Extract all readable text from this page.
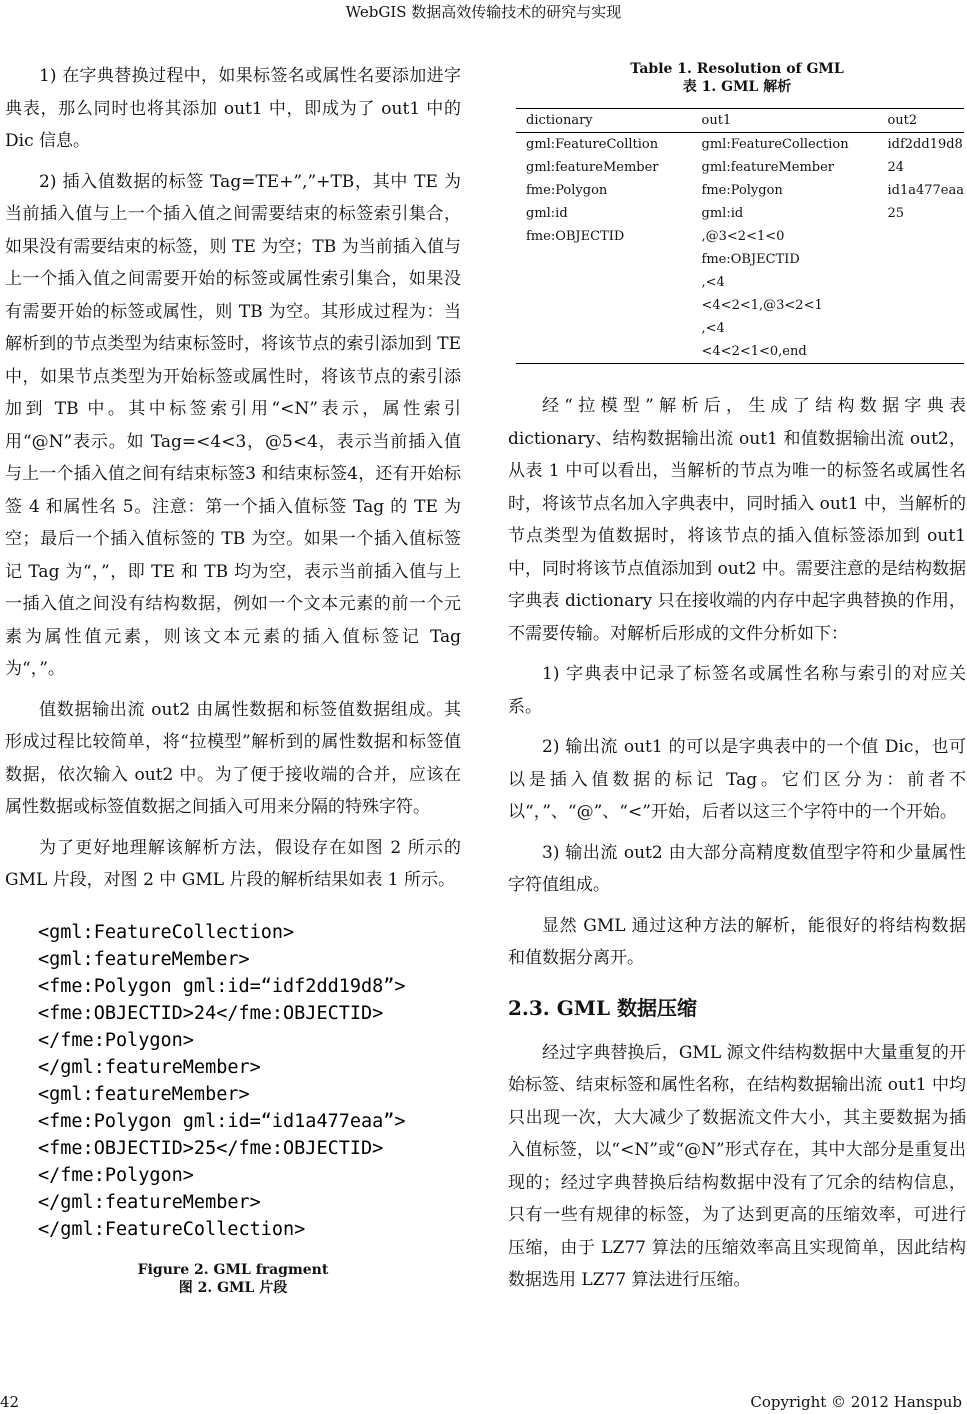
WebGIS 数据高效传输技术的研究与实现

1) 在字典替换过程中，如果标签名或属性名要添加进字典表，那么同时也将其添加 out1 中，即成为了 out1 中的 Dic 信息。

2) 插入值数据的标签 Tag=TE+”,”+TB，其中 TE 为当前插入值与上一个插入值之间需要结束的标签索引集合，如果没有需要结束的标签，则 TE 为空；TB 为当前插入值与上一个插入值之间需要开始的标签或属性索引集合，如果没有需要开始的标签或属性，则 TB 为空。其形成过程为：当解析到的节点类型为结束标签时，将该节点的索引添加到 TE 中，如果节点类型为开始标签或属性时，将该节点的索引添加到 TB 中。其中标签索引用“<N”表示，属性索引用“@N”表示。如 Tag=<4<3，@5<4，表示当前插入值与上一个插入值之间有结束标签3 和结束标签4，还有开始标签 4 和属性名 5。注意：第一个插入值标签 Tag 的 TE 为空；最后一个插入值标签的 TB 为空。如果一个插入值标签记 Tag 为“，”，即 TE 和 TB 均为空，表示当前插入值与上一插入值之间没有结构数据，例如一个文本元素的前一个元素为属性值元素，则该文本元素的插入值标签记 Tag 为“，”。

值数据输出流 out2 由属性数据和标签值数据组成。其形成过程比较简单，将“拉模型”解析到的属性数据和标签值数据，依次输入 out2 中。为了便于接收端的合并，应该在属性数据或标签值数据之间插入可用来分隔的特殊字符。

为了更好地理解该解析方法，假设存在如图 2 所示的 GML 片段，对图 2 中 GML 片段的解析结果如表 1 所示。

<gml:FeatureCollection>
<gml:featureMember>
<fme:Polygon gml:id=“idf2dd19d8”>
<fme:OBJECTID>24</fme:OBJECTID>
</fme:Polygon>
</gml:featureMember>
<gml:featureMember>
<fme:Polygon gml:id=“id1a477eaa”>
<fme:OBJECTID>25</fme:OBJECTID>
</fme:Polygon>
</gml:featureMember>
</gml:FeatureCollection>
Figure 2. GML fragment
图 2. GML 片段
Table 1. Resolution of GML
表 1. GML 解析
dictionary	out1	out2
gml:FeatureColltion	gml:FeatureCollection	idf2dd19d8
gml:featureMember	gml:featureMember	24
fme:Polygon	fme:Polygon	id1a477eaa
gml:id	gml:id	25
fme:OBJECTID	,@3<2<1<0	
	fme:OBJECTID	
	,<4	
	<4<2<1,@3<2<1	
	,<4	
	<4<2<1<0,end	

经“拉模型”解析后，生成了结构数据字典表 dictionary、结构数据输出流 out1 和值数据输出流 out2，从表 1 中可以看出，当解析的节点为唯一的标签名或属性名时，将该节点名加入字典表中，同时插入 out1 中，当解析的节点类型为值数据时，将该节点的插入值标签添加到 out1 中，同时将该节点值添加到 out2 中。需要注意的是结构数据字典表 dictionary 只在接收端的内存中起字典替换的作用，不需要传输。对解析后形成的文件分析如下：

1) 字典表中记录了标签名或属性名称与索引的对应关系。

2) 输出流 out1 的可以是字典表中的一个值 Dic，也可以是插入值数据的标记 Tag。它们区分为：前者不以“，”、“@”、“<”开始，后者以这三个字符中的一个开始。

3) 输出流 out2 由大部分高精度数值型字符和少量属性字符值组成。

显然 GML 通过这种方法的解析，能很好的将结构数据和值数据分离开。

2.3. GML 数据压缩

经过字典替换后，GML 源文件结构数据中大量重复的开始标签、结束标签和属性名称，在结构数据输出流 out1 中均只出现一次，大大减少了数据流文件大小，其主要数据为插入值标签，以“<N”或“@N”形式存在，其中大部分是重复出现的；经过字典替换后结构数据中没有了冗余的结构信息，只有一些有规律的标签，为了达到更高的压缩效率，可进行压缩，由于 LZ77 算法的压缩效率高且实现简单，因此结构数据选用 LZ77 算法进行压缩。

42	Copyright © 2012 Hanspub
